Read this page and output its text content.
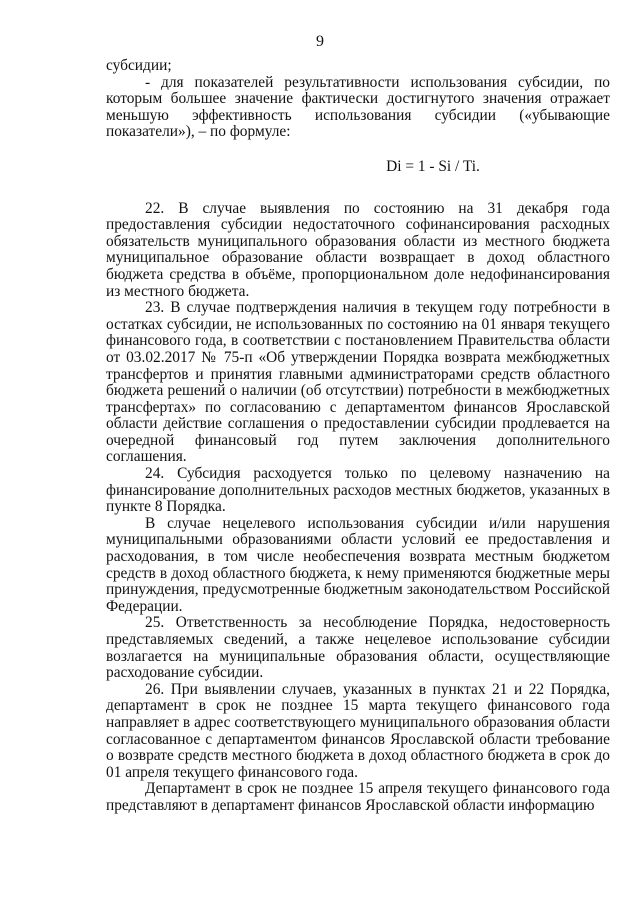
9

субсидии;

- для показателей результативности использования субсидии, по которым большее значение фактически достигнутого значения отражает меньшую эффективность использования субсидии («убывающие показатели»), – по формуле:

Di = 1 - Si / Ti.

22. В случае выявления по состоянию на 31 декабря года предоставления субсидии недостаточного софинансирования расходных обязательств муниципального образования области из местного бюджета муниципальное образование области возвращает в доход областного бюджета средства в объёме, пропорциональном доле недофинансирования из местного бюджета.

23. В случае подтверждения наличия в текущем году потребности в остатках субсидии, не использованных по состоянию на 01 января текущего финансового года, в соответствии с постановлением Правительства области от 03.02.2017 № 75-п «Об утверждении Порядка возврата межбюджетных трансфертов и принятия главными администраторами средств областного бюджета решений о наличии (об отсутствии) потребности в межбюджетных трансфертах» по согласованию с департаментом финансов Ярославской области действие соглашения о предоставлении субсидии продлевается на очередной финансовый год путем заключения дополнительного соглашения.

24. Субсидия расходуется только по целевому назначению на финансирование дополнительных расходов местных бюджетов, указанных в пункте 8 Порядка.

В случае нецелевого использования субсидии и/или нарушения муниципальными образованиями области условий ее предоставления и расходования, в том числе необеспечения возврата местным бюджетом средств в доход областного бюджета, к нему применяются бюджетные меры принуждения, предусмотренные бюджетным законодательством Российской Федерации.

25. Ответственность за несоблюдение Порядка, недостоверность представляемых сведений, а также нецелевое использование субсидии возлагается на муниципальные образования области, осуществляющие расходование субсидии.

26. При выявлении случаев, указанных в пунктах 21 и 22 Порядка, департамент в срок не позднее 15 марта текущего финансового года направляет в адрес соответствующего муниципального образования области согласованное с департаментом финансов Ярославской области требование о возврате средств местного бюджета в доход областного бюджета в срок до 01 апреля текущего финансового года.

Департамент в срок не позднее 15 апреля текущего финансового года представляют в департамент финансов Ярославской области информацию
